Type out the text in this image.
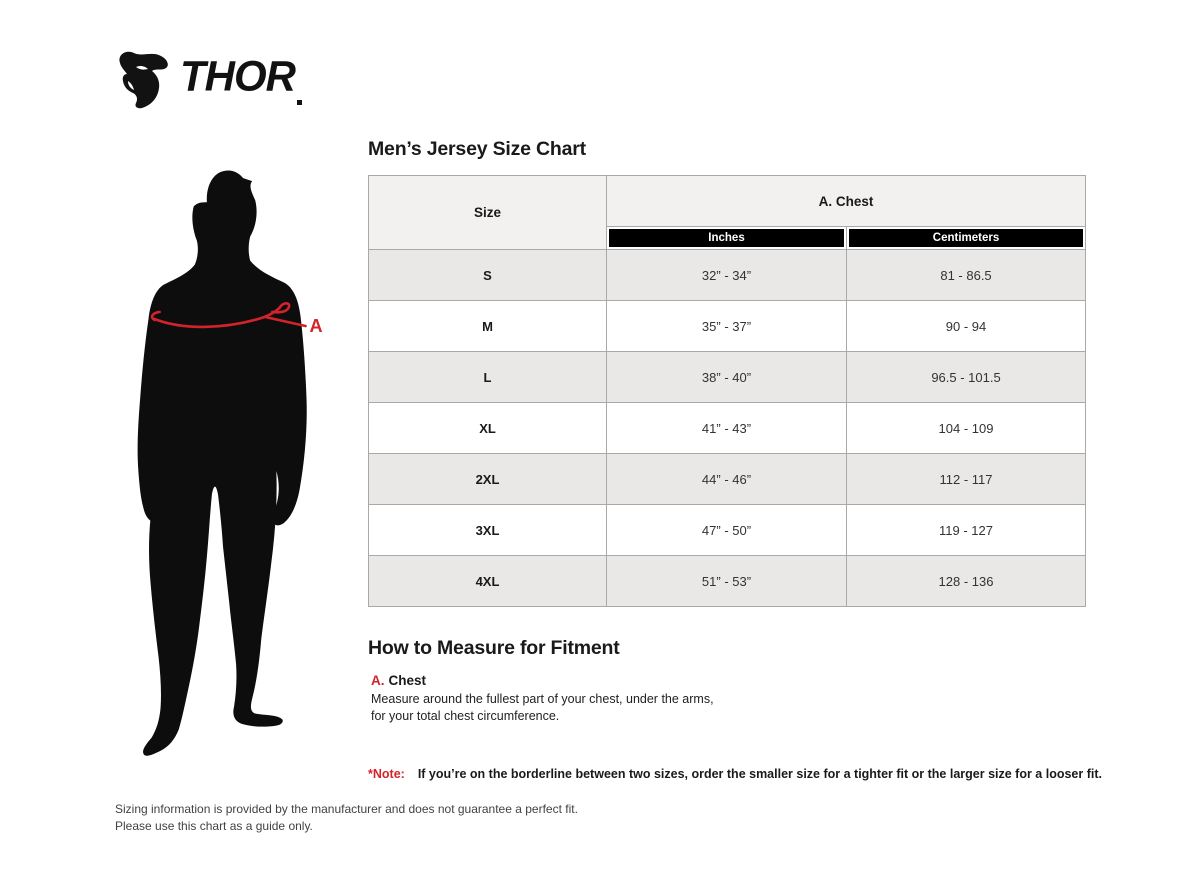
THOR
A
Men’s Jersey Size Chart
Size	A. Chest	

	Inches	Centimeters

S	32” - 34”	81 - 86.5
M	35” - 37”	90 - 94
L	38” - 40”	96.5 - 101.5
XL	41” - 43”	104 - 109
2XL	44” - 46”	112 - 117
3XL	47” - 50”	119 - 127
4XL	51” - 53”	128 - 136
How to Measure for Fitment
A. Chest
Measure around the fullest part of your chest, under the arms, for your total chest circumference.
*Note: If you’re on the borderline between two sizes, order the smaller size for a tighter fit or the larger size for a looser fit.
Sizing information is provided by the manufacturer and does not guarantee a perfect fit.
Please use this chart as a guide only.
